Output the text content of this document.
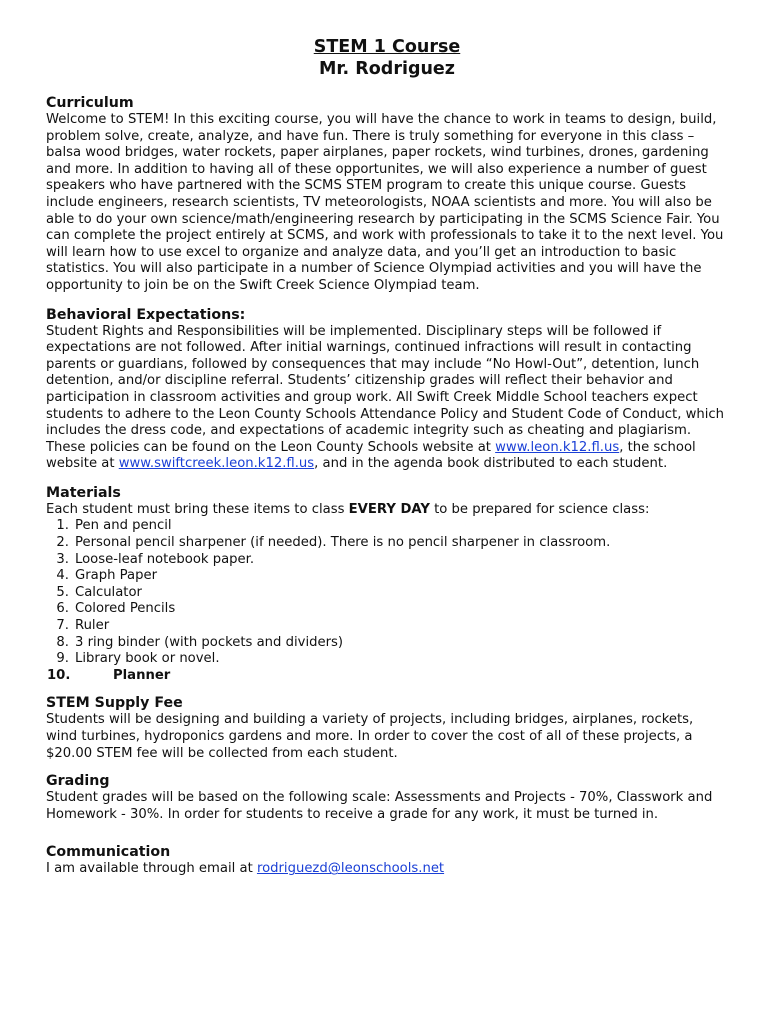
STEM 1 Course

Mr. Rodriguez

Curriculum

Welcome to STEM! In this exciting course, you will have the chance to work in teams to design, build, problem solve, create, analyze, and have fun. There is truly something for everyone in this class – balsa wood bridges, water rockets, paper airplanes, paper rockets, wind turbines, drones, gardening and more. In addition to having all of these opportunites, we will also experience a number of guest speakers who have partnered with the SCMS STEM program to create this unique course. Guests include engineers, research scientists, TV meteorologists, NOAA scientists and more. You will also be able to do your own science/math/engineering research by participating in the SCMS Science Fair. You can complete the project entirely at SCMS, and work with professionals to take it to the next level. You will learn how to use excel to organize and analyze data, and you’ll get an introduction to basic statistics. You will also participate in a number of Science Olympiad activities and you will have the opportunity to join be on the Swift Creek Science Olympiad team.

Behavioral Expectations:

Student Rights and Responsibilities will be implemented. Disciplinary steps will be followed if expectations are not followed. After initial warnings, continued infractions will result in contacting parents or guardians, followed by consequences that may include “No Howl-Out”, detention, lunch detention, and/or discipline referral. Students’ citizenship grades will reflect their behavior and participation in classroom activities and group work. All Swift Creek Middle School teachers expect students to adhere to the Leon County Schools Attendance Policy and Student Code of Conduct, which includes the dress code, and expectations of academic integrity such as cheating and plagiarism. These policies can be found on the Leon County Schools website at www.leon.k12.fl.us, the school website at www.swiftcreek.leon.k12.fl.us, and in the agenda book distributed to each student.

Materials

Each student must bring these items to class EVERY DAY to be prepared for science class:

1. Pen and pencil
2. Personal pencil sharpener (if needed). There is no pencil sharpener in classroom.
3. Loose-leaf notebook paper.
4. Graph Paper
5. Calculator
6. Colored Pencils
7. Ruler
8. 3 ring binder (with pockets and dividers)
9. Library book or novel.
10.	Planner

STEM Supply Fee

Students will be designing and building a variety of projects, including bridges, airplanes, rockets, wind turbines, hydroponics gardens and more. In order to cover the cost of all of these projects, a $20.00 STEM fee will be collected from each student.

Grading

Student grades will be based on the following scale: Assessments and Projects - 70%, Classwork and Homework - 30%. In order for students to receive a grade for any work, it must be turned in.

Communication

I am available through email at rodriguezd@leonschools.net
